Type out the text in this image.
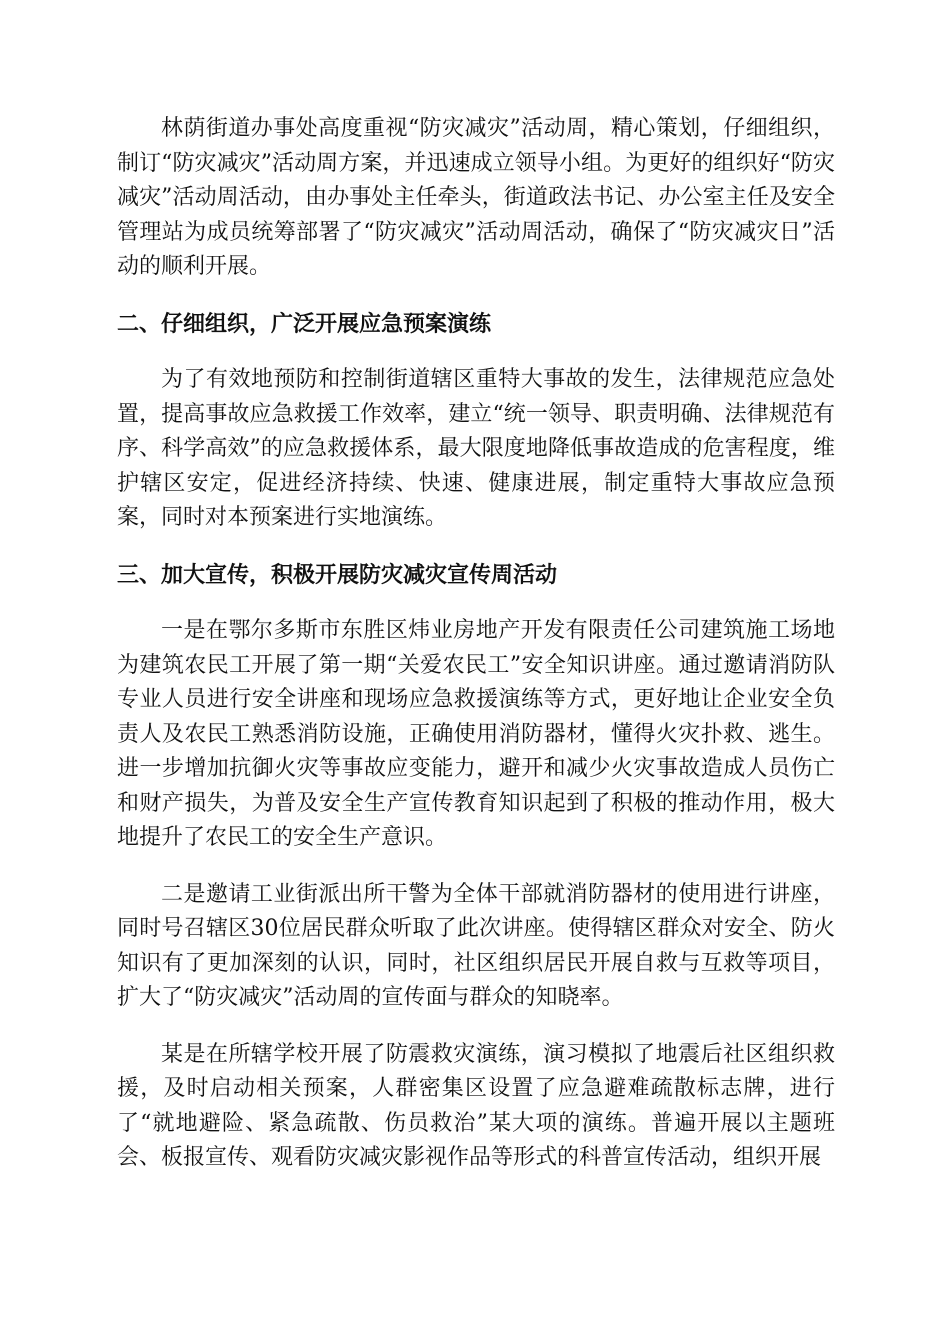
林荫街道办事处高度重视“防灾减灾”活动周，精心策划，仔细组织，制订“防灾减灾”活动周方案，并迅速成立领导小组。为更好的组织好“防灾减灾”活动周活动，由办事处主任牵头，街道政法书记、办公室主任及安全管理站为成员统筹部署了“防灾减灾”活动周活动，确保了“防灾减灾日”活动的顺利开展。

二、仔细组织，广泛开展应急预案演练

为了有效地预防和控制街道辖区重特大事故的发生，法律规范应急处置，提高事故应急救援工作效率，建立“统一领导、职责明确、法律规范有序、科学高效”的应急救援体系，最大限度地降低事故造成的危害程度，维护辖区安定，促进经济持续、快速、健康进展，制定重特大事故应急预案，同时对本预案进行实地演练。

三、加大宣传，积极开展防灾减灾宣传周活动

一是在鄂尔多斯市东胜区炜业房地产开发有限责任公司建筑施工场地为建筑农民工开展了第一期“关爱农民工”安全知识讲座。通过邀请消防队专业人员进行安全讲座和现场应急救援演练等方式，更好地让企业安全负责人及农民工熟悉消防设施，正确使用消防器材，懂得火灾扑救、逃生。进一步增加抗御火灾等事故应变能力，避开和减少火灾事故造成人员伤亡和财产损失，为普及安全生产宣传教育知识起到了积极的推动作用，极大地提升了农民工的安全生产意识。

二是邀请工业街派出所干警为全体干部就消防器材的使用进行讲座，同时号召辖区30位居民群众听取了此次讲座。使得辖区群众对安全、防火知识有了更加深刻的认识，同时，社区组织居民开展自救与互救等项目，扩大了“防灾减灾”活动周的宣传面与群众的知晓率。

某是在所辖学校开展了防震救灾演练，演习模拟了地震后社区组织救援，及时启动相关预案，人群密集区设置了应急避难疏散标志牌，进行了“就地避险、紧急疏散、伤员救治”某大项的演练。普遍开展以主题班会、板报宣传、观看防灾减灾影视作品等形式的科普宣传活动，组织开展
